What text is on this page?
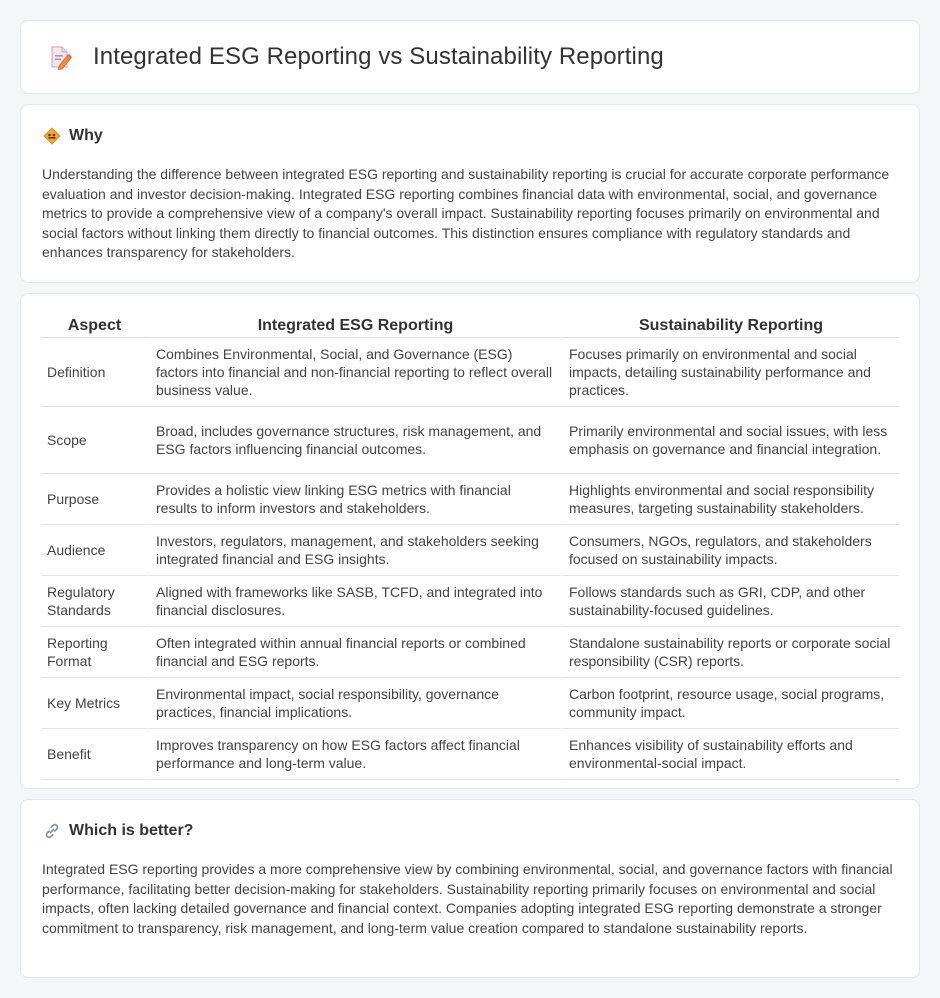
Integrated ESG Reporting vs Sustainability Reporting
Why

Understanding the difference between integrated ESG reporting and sustainability reporting is crucial for accurate corporate performance evaluation and investor decision-making. Integrated ESG reporting combines financial data with environmental, social, and governance metrics to provide a comprehensive view of a company's overall impact. Sustainability reporting focuses primarily on environmental and social factors without linking them directly to financial outcomes. This distinction ensures compliance with regulatory standards and enhances transparency for stakeholders.

Aspect	Integrated ESG Reporting	Sustainability Reporting
Definition	Combines Environmental, Social, and Governance (ESG) factors into financial and non-financial reporting to reflect overall business value.	Focuses primarily on environmental and social impacts, detailing sustainability performance and practices.
Scope	Broad, includes governance structures, risk management, and ESG factors influencing financial outcomes.	Primarily environmental and social issues, with less emphasis on governance and financial integration.
Purpose	Provides a holistic view linking ESG metrics with financial results to inform investors and stakeholders.	Highlights environmental and social responsibility measures, targeting sustainability stakeholders.
Audience	Investors, regulators, management, and stakeholders seeking integrated financial and ESG insights.	Consumers, NGOs, regulators, and stakeholders focused on sustainability impacts.
Regulatory Standards	Aligned with frameworks like SASB, TCFD, and integrated into financial disclosures.	Follows standards such as GRI, CDP, and other sustainability-focused guidelines.
Reporting Format	Often integrated within annual financial reports or combined financial and ESG reports.	Standalone sustainability reports or corporate social responsibility (CSR) reports.
Key Metrics	Environmental impact, social responsibility, governance practices, financial implications.	Carbon footprint, resource usage, social programs, community impact.
Benefit	Improves transparency on how ESG factors affect financial performance and long-term value.	Enhances visibility of sustainability efforts and environmental-social impact.
Which is better?

Integrated ESG reporting provides a more comprehensive view by combining environmental, social, and governance factors with financial performance, facilitating better decision-making for stakeholders. Sustainability reporting primarily focuses on environmental and social impacts, often lacking detailed governance and financial context. Companies adopting integrated ESG reporting demonstrate a stronger commitment to transparency, risk management, and long-term value creation compared to standalone sustainability reports.
